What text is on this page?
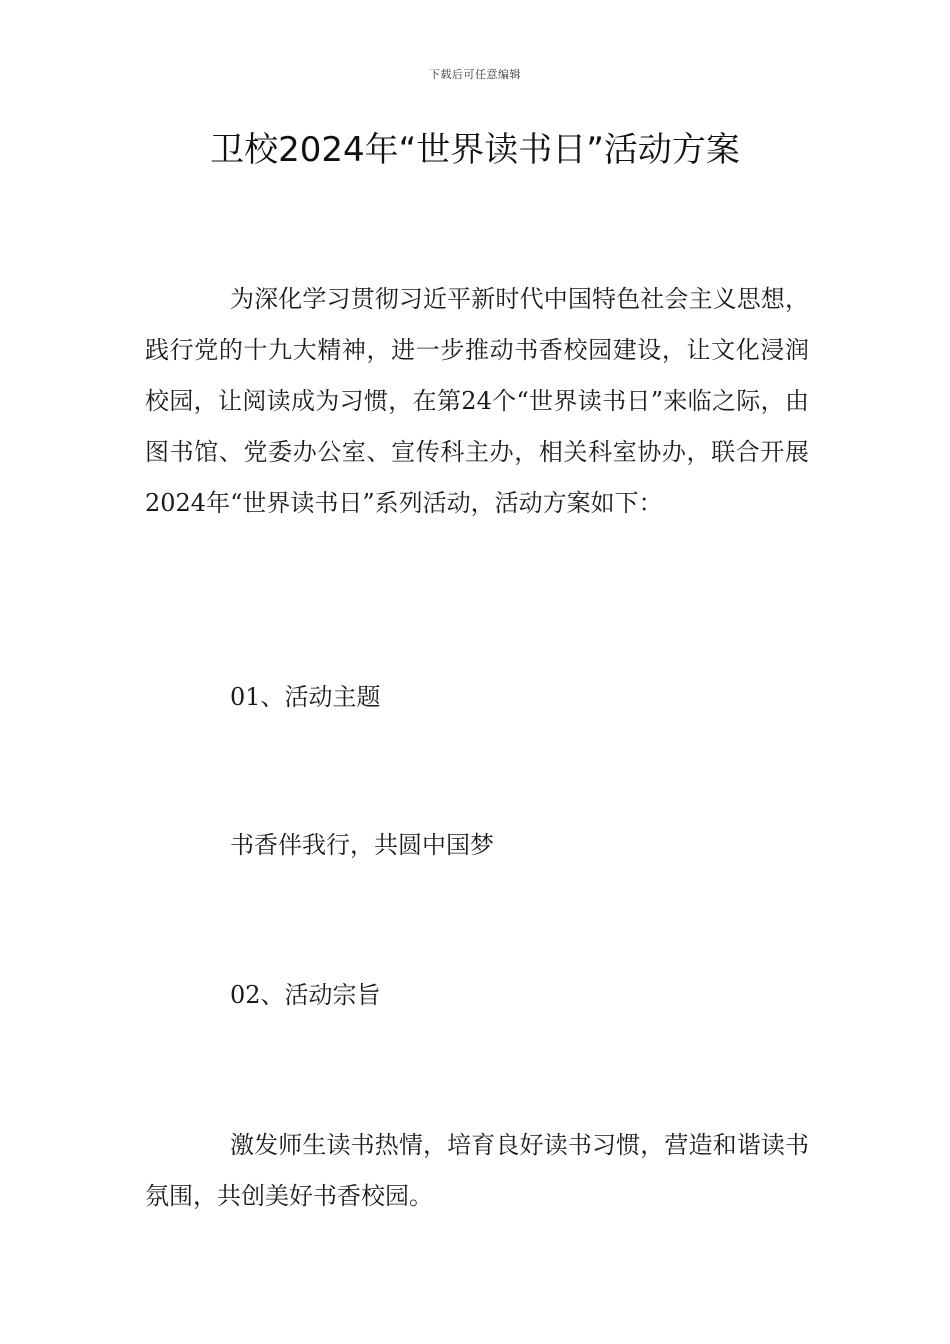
下载后可任意编辑
卫校2024年“世界读书日”活动方案

为深化学习贯彻习近平新时代中国特色社会主义思想，践行党的十九大精神，进一步推动书香校园建设，让文化浸润校园，让阅读成为习惯，在第24个“世界读书日”来临之际，由图书馆、党委办公室、宣传科主办，相关科室协办，联合开展2024年“世界读书日”系列活动，活动方案如下：

01、活动主题

书香伴我行，共圆中国梦

02、活动宗旨

激发师生读书热情，培育良好读书习惯，营造和谐读书氛围，共创美好书香校园。
